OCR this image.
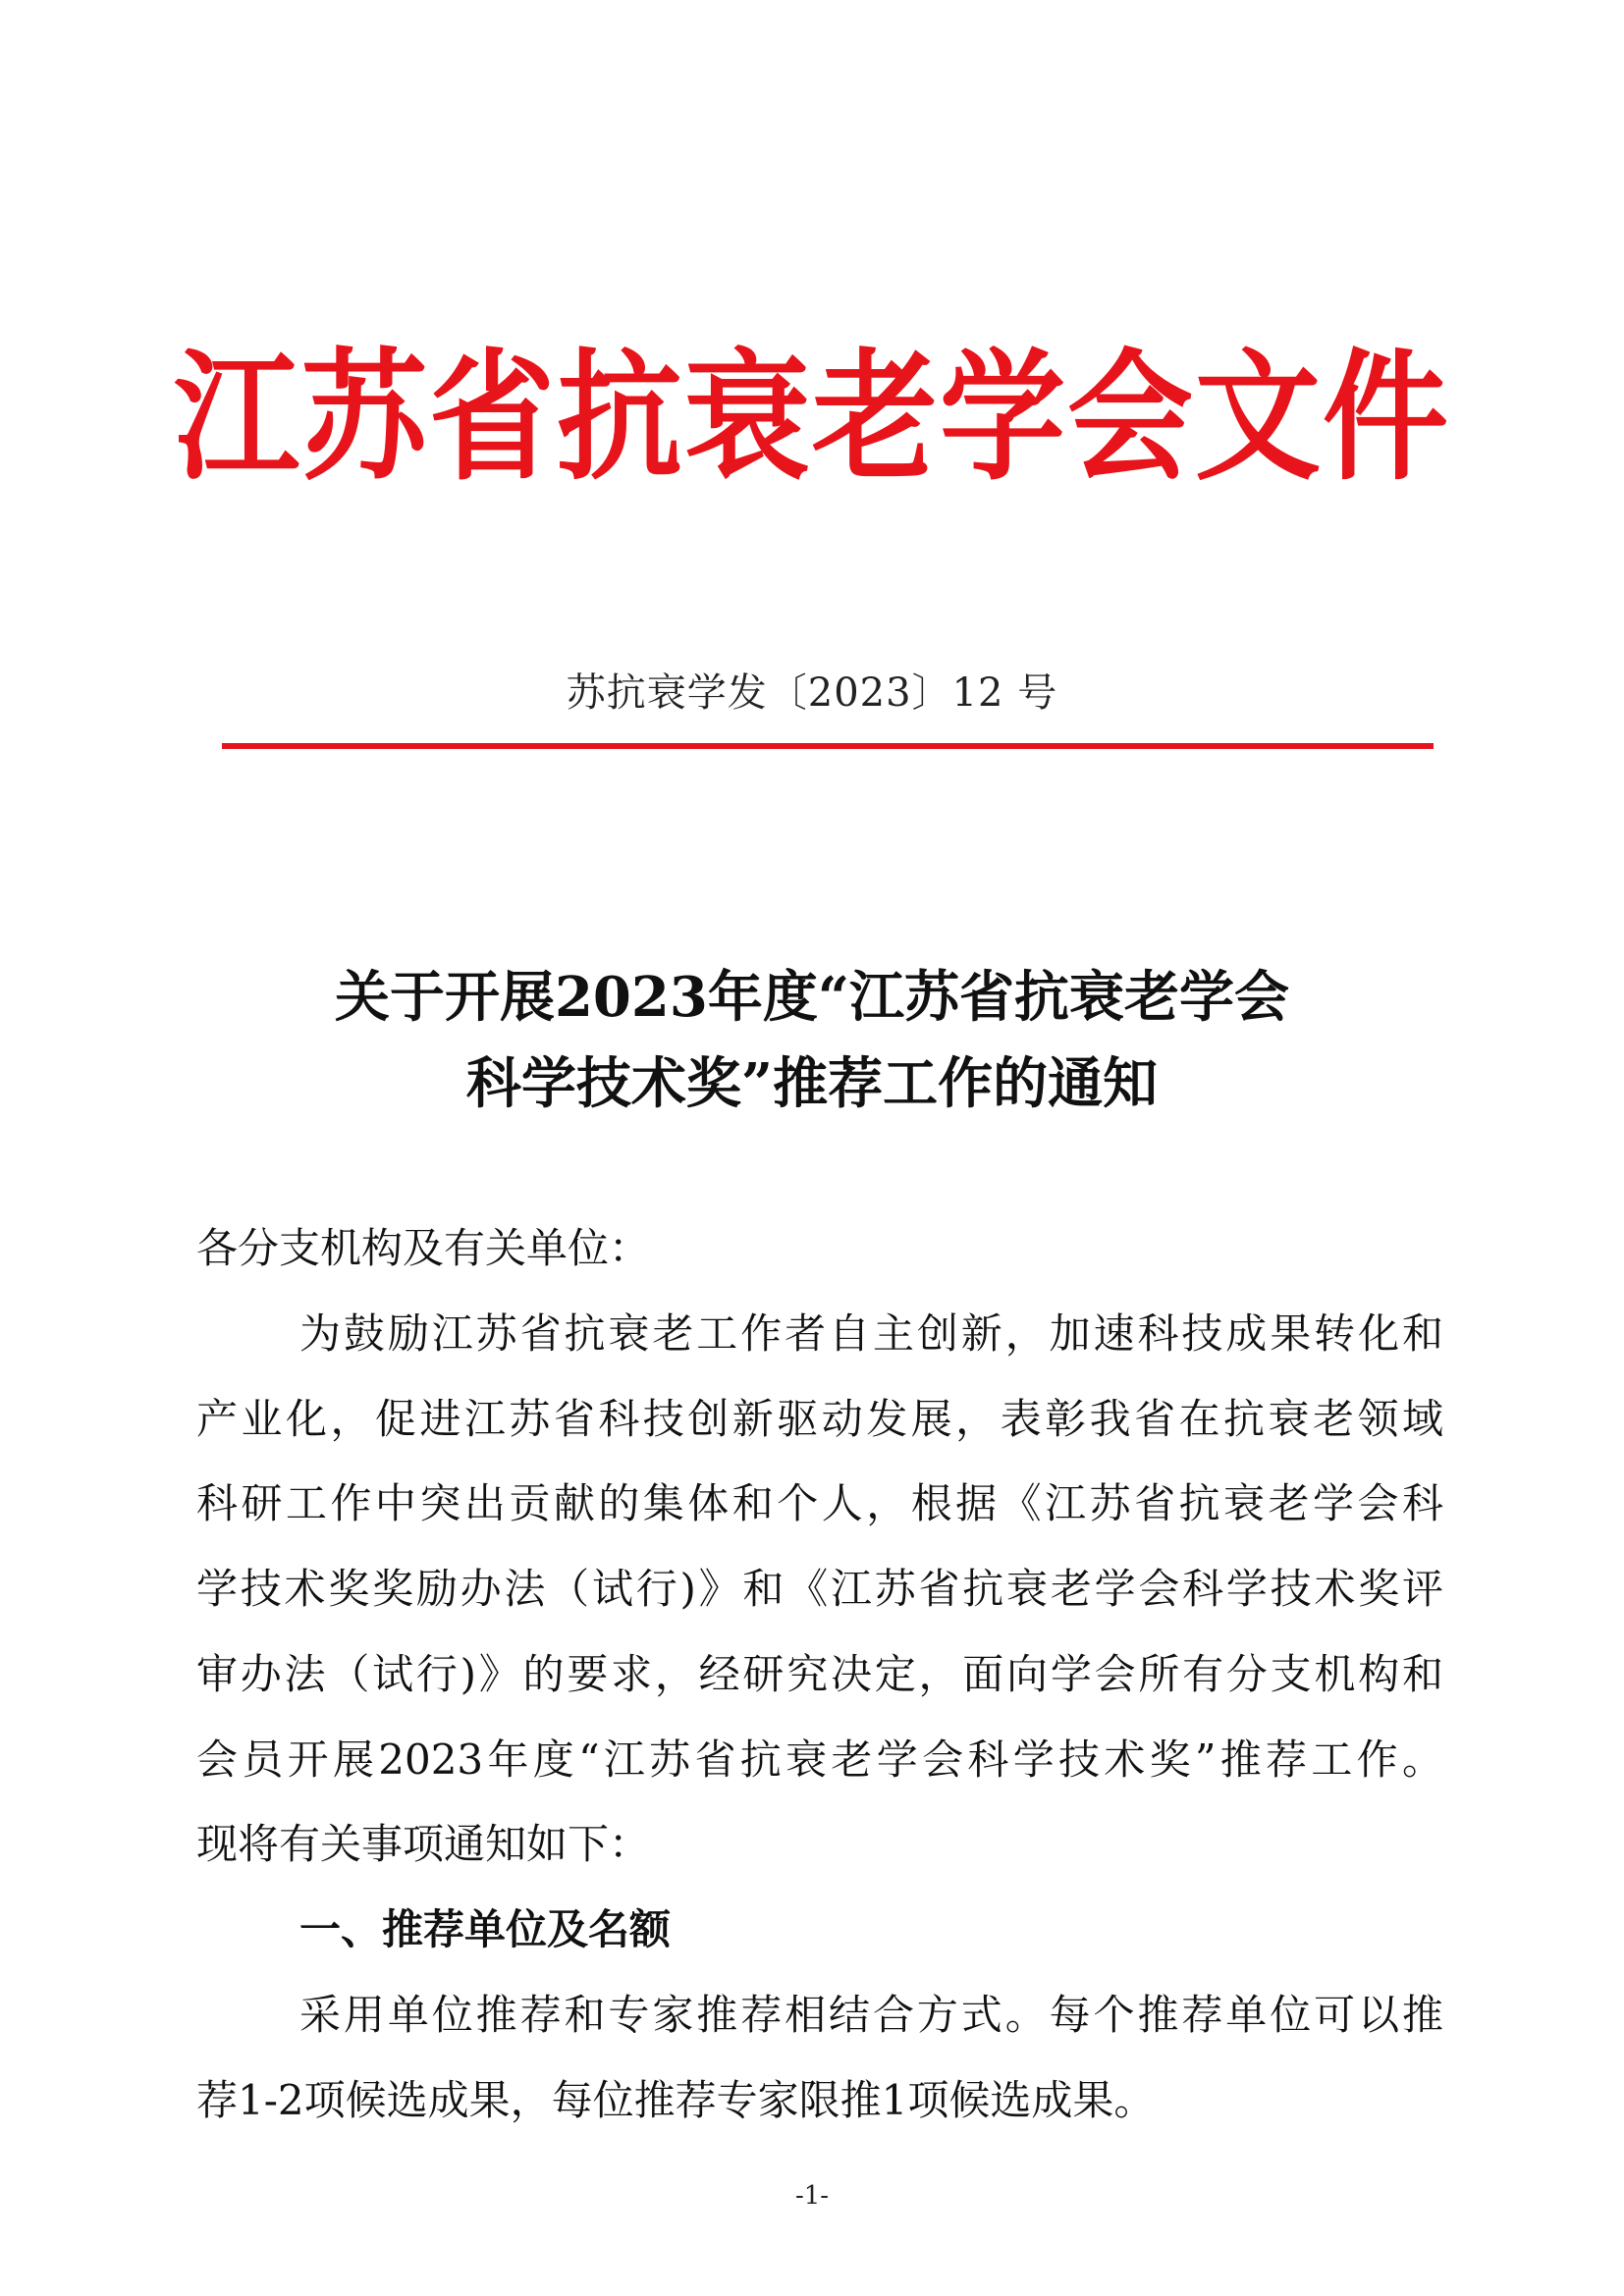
江苏省抗衰老学会文件
苏抗衰学发〔2023〕12 号
关于开展2023年度“江苏省抗衰老学会
科学技术奖”推荐工作的通知
各分支机构及有关单位：
为鼓励江苏省抗衰老工作者自主创新，加速科技成果转化和
产业化，促进江苏省科技创新驱动发展，表彰我省在抗衰老领域
科研工作中突出贡献的集体和个人，根据《江苏省抗衰老学会科
学技术奖奖励办法（试行)》和《江苏省抗衰老学会科学技术奖评
审办法（试行)》的要求，经研究决定，面向学会所有分支机构和
会员开展2023年度“江苏省抗衰老学会科学技术奖”推荐工作。
现将有关事项通知如下：
一、推荐单位及名额
采用单位推荐和专家推荐相结合方式。每个推荐单位可以推
荐1-2项候选成果，每位推荐专家限推1项候选成果。
-1-
